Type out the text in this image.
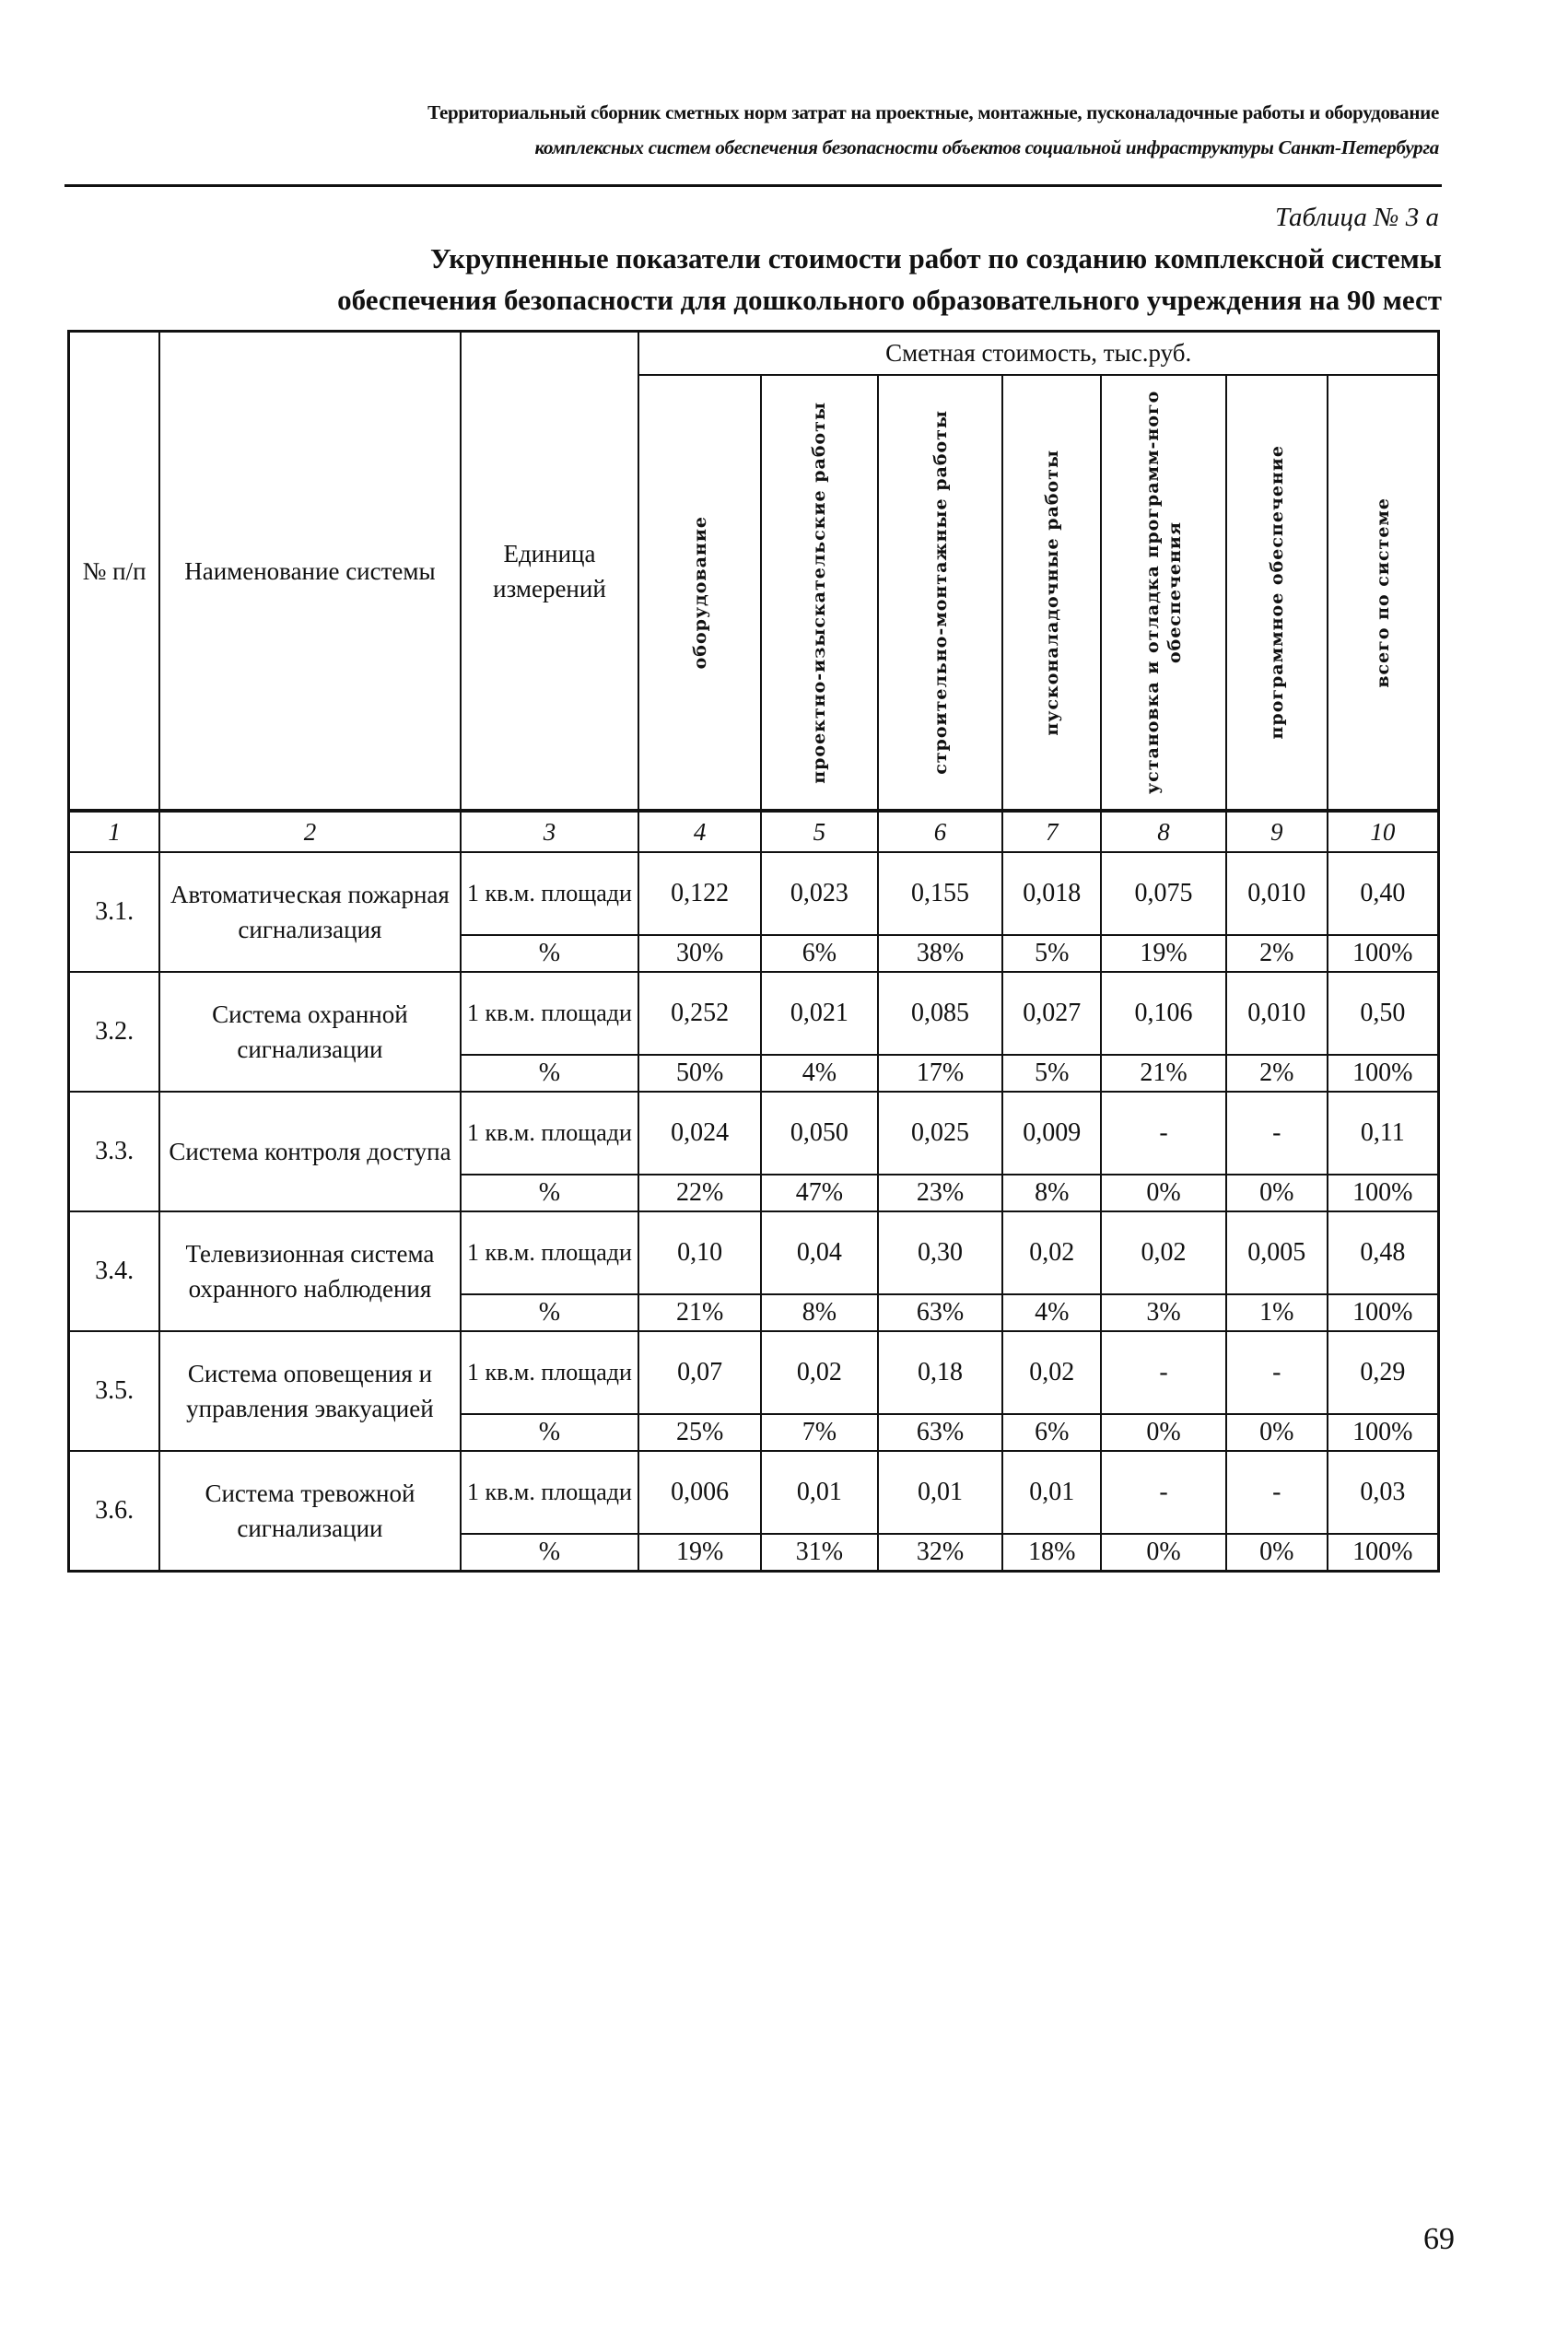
Территориальный сборник сметных норм затрат на проектные, монтажные, пусконаладочные работы и оборудование
комплексных систем обеспечения безопасности объектов социальной инфраструктуры Санкт-Петербурга
Таблица № 3 а
Укрупненные показатели стоимости работ по созданию комплексной системы
обеспечения безопасности для дошкольного образовательного учреждения на 90 мест
№ п/п	Наименование системы	Единица измерений	Сметная стоимость, тыс.руб.						

			оборудование	проектно-изыскательские работы	строительно-монтажные работы	пусконаладочные работы	установка и отладка программ-ного обеспечения	программное обеспечение	всего по системе

1	2	3	4	5	6	7	8	9	10
3.1.	Автоматическая пожарная сигнализация	1 кв.м. площади	0,122	0,023	0,155	0,018	0,075	0,010	0,40
		%	30%	6%	38%	5%	19%	2%	100%
3.2.	Система охранной сигнализации	1 кв.м. площади	0,252	0,021	0,085	0,027	0,106	0,010	0,50
		%	50%	4%	17%	5%	21%	2%	100%
3.3.	Система контроля доступа	1 кв.м. площади	0,024	0,050	0,025	0,009	-	-	0,11
		%	22%	47%	23%	8%	0%	0%	100%
3.4.	Телевизионная система охранного наблюдения	1 кв.м. площади	0,10	0,04	0,30	0,02	0,02	0,005	0,48
		%	21%	8%	63%	4%	3%	1%	100%
3.5.	Система оповещения и управления эвакуацией	1 кв.м. площади	0,07	0,02	0,18	0,02	-	-	0,29
		%	25%	7%	63%	6%	0%	0%	100%
3.6.	Система тревожной сигнализации	1 кв.м. площади	0,006	0,01	0,01	0,01	-	-	0,03
		%	19%	31%	32%	18%	0%	0%	100%
69
